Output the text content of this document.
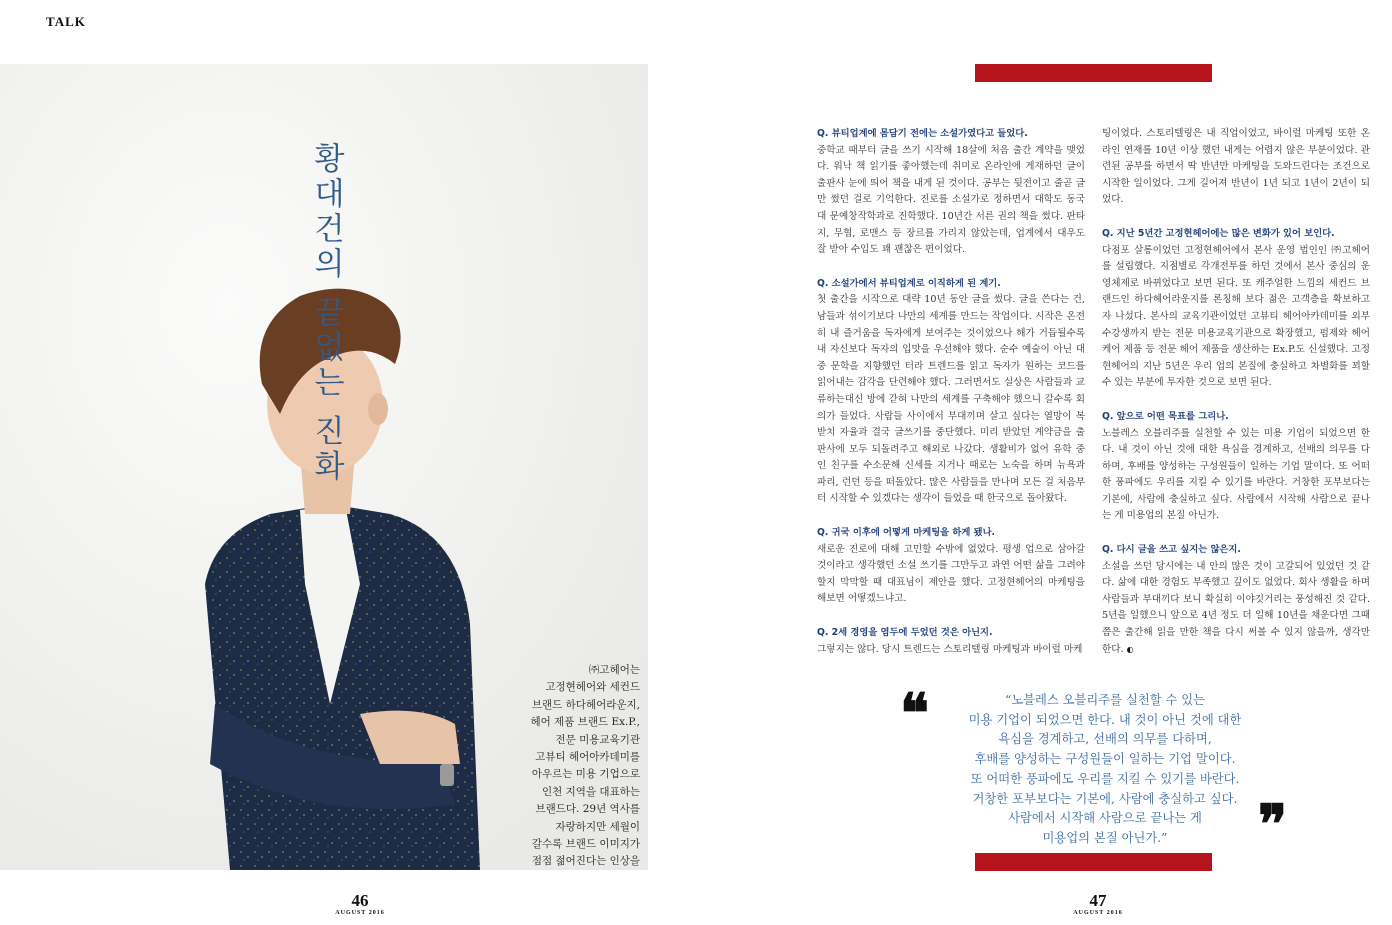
TALK
황대건의 끝없는 진화
㈜고헤어는
고정현헤어와 세컨드
브랜드 하다헤어라운지,
헤어 제품 브랜드 Ex.P.,
전문 미용교육기관
고뷰티 헤어아카데미를
아우르는 미용 기업으로
인천 지역을 대표하는
브랜드다. 29년 역사를
자랑하지만 세월이
갈수록 브랜드 이미지가
점점 젊어진다는 인상을
46
AUGUST 2016
Q. 뷰티업계에 몸담기 전에는 소설가였다고 들었다.
중학교 때부터 글을 쓰기 시작해 18살에 처음 출간 계약을 맺었다. 워낙 책 읽기를 좋아했는데 취미로 온라인에 게재하던 글이 출판사 눈에 띄어 책을 내게 된 것이다. 공부는 뒷전이고 줄곧 글만 썼던 걸로 기억한다. 진로를 소설가로 정하면서 대학도 동국대 문예창작학과로 진학했다. 10년간 서른 권의 책을 썼다. 판타지, 무협, 로맨스 등 장르를 가리지 않았는데, 업계에서 대우도 잘 받아 수입도 꽤 괜찮은 편이었다.
Q. 소설가에서 뷰티업계로 이직하게 된 계기.
첫 출간을 시작으로 대략 10년 동안 글을 썼다. 글을 쓴다는 건, 남들과 섞이기보다 나만의 세계를 만드는 작업이다. 시작은 온전히 내 즐거움을 독자에게 보여주는 것이었으나 해가 거듭될수록 내 자신보다 독자의 입맛을 우선해야 했다. 순수 예술이 아닌 대중 문학을 지향했던 터라 트렌드를 읽고 독자가 원하는 코드를 읽어내는 감각을 단련해야 했다. 그러면서도 실상은 사람들과 교류하는대신 방에 갇혀 나만의 세계를 구축해야 했으니 갈수록 회의가 들었다. 사람들 사이에서 부대끼며 살고 싶다는 열망이 복받치 자율과 결국 글쓰기를 중단했다. 미리 받았던 계약금을 출판사에 모두 되돌려주고 해외로 나갔다. 생활비가 없어 유학 중인 친구를 수소문해 신세를 지거나 때로는 노숙을 하며 뉴욕과 파리, 런던 등을 떠돌았다. 많은 사람들을 만나며 모든 걸 처음부터 시작할 수 있겠다는 생각이 들었을 때 한국으로 돌아왔다.
Q. 귀국 이후에 어떻게 마케팅을 하게 됐나.
새로운 진로에 대해 고민할 수밖에 없었다. 평생 업으로 삼아갈 것이라고 생각했던 소설 쓰기를 그만두고 과연 어떤 삶을 그려야 할지 막막할 때 대표님이 제안을 했다. 고정현헤어의 마케팅을 해보면 어떻겠느냐고.
Q. 2세 경영을 염두에 두었던 것은 아닌지.
그렇지는 않다. 당시 트렌드는 스토리텔링 마케팅과 바이럴 마케
팅이었다. 스토리텔링은 내 직업이었고, 바이럴 마케팅 또한 온라인 연재를 10년 이상 했던 내게는 어렵지 않은 부분이었다. 관련된 공부를 하면서 딱 반년만 마케팅을 도와드린다는 조건으로 시작한 일이었다. 그게 길어져 반년이 1년 되고 1년이 2년이 되었다.
Q. 지난 5년간 고정현헤어에는 많은 변화가 있어 보인다.
다점포 살롱이었던 고정현헤어에서 본사 운영 법인인 ㈜고헤어를 설립했다. 지점별로 각개전투를 하던 것에서 본사 중심의 운영체제로 바뀌었다고 보면 된다. 또 캐주얼한 느낌의 세컨드 브랜드인 하다헤어라운지를 론칭해 보다 젊은 고객층을 확보하고자 나섰다. 본사의 교육기관이었던 고뷰티 헤어아카데미를 외부 수강생까지 받는 전문 미용교육기관으로 확장했고, 펌제와 헤어케어 제품 등 전문 헤어 제품을 생산하는 Ex.P.도 신설했다. 고정현헤어의 지난 5년은 우리 업의 본질에 충실하고 차별화를 꾀할 수 있는 부분에 투자한 것으로 보면 된다.
Q. 앞으로 어떤 목표를 그리나.
노블레스 오블리주를 실천할 수 있는 미용 기업이 되었으면 한다. 내 것이 아닌 것에 대한 욕심을 경계하고, 선배의 의무를 다하며, 후배를 양성하는 구성원들이 일하는 기업 말이다. 또 어떠한 풍파에도 우리를 지킬 수 있기를 바란다. 거창한 포부보다는 기본에, 사람에 충실하고 싶다. 사람에서 시작해 사람으로 끝나는 게 미용업의 본질 아닌가.
Q. 다시 글을 쓰고 싶지는 않은지.
소설을 쓰던 당시에는 내 안의 많은 것이 고갈되어 있었던 것 같다. 삶에 대한 경험도 부족했고 깊이도 없었다. 회사 생활을 하며 사람들과 부대끼다 보니 확실히 이야깃거리는 풍성해진 것 같다. 5년을 일했으니 앞으로 4년 정도 더 일해 10년을 채운다면 그때쯤은 출간해 읽을 만한 책을 다시 써볼 수 있지 않을까, 생각만 한다. ◐
❝	“노블레스 오블리주를 실천할 수 있는
미용 기업이 되었으면 한다. 내 것이 아닌 것에 대한
욕심을 경계하고, 선배의 의무를 다하며,
후배를 양성하는 구성원들이 일하는 기업 말이다.
또 어떠한 풍파에도 우리를 지킬 수 있기를 바란다.
거창한 포부보다는 기본에, 사람에 충실하고 싶다.
사람에서 시작해 사람으로 끝나는 게
미용업의 본질 아닌가.”	❞
47
AUGUST 2016
